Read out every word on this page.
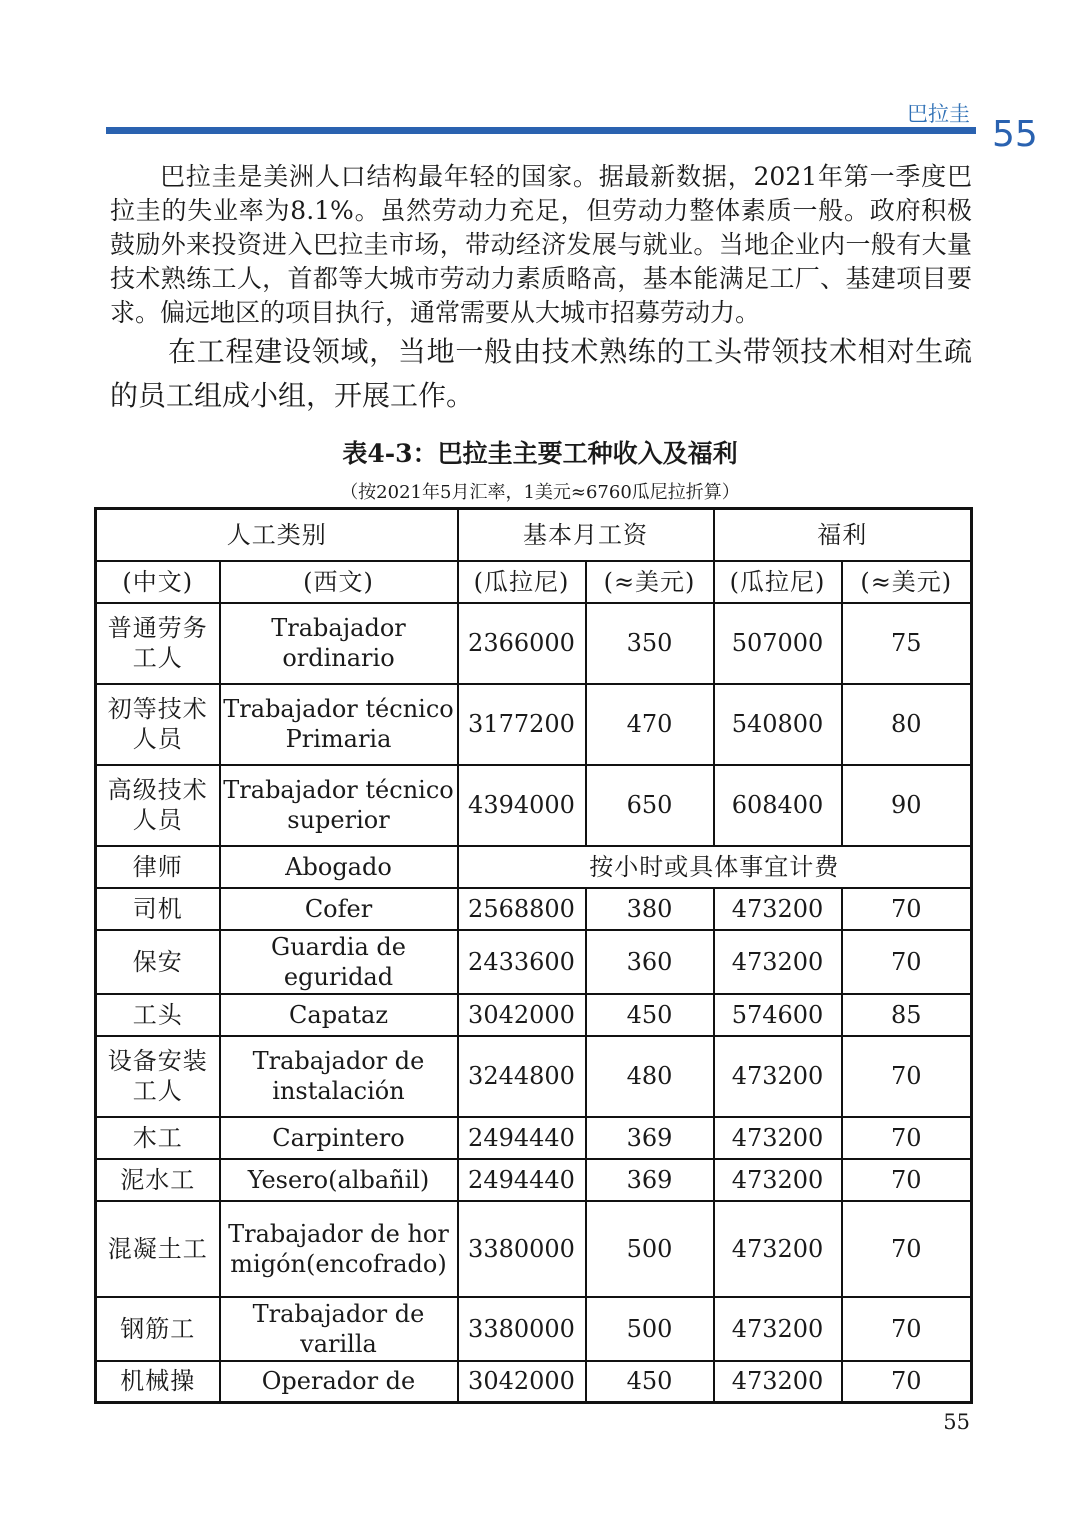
巴拉圭 55

巴拉圭是美洲人口结构最年轻的国家。据最新数据，2021年第一季度巴拉圭的失业率为8.1%。虽然劳动力充足，但劳动力整体素质一般。政府积极鼓励外来投资进入巴拉圭市场，带动经济发展与就业。当地企业内一般有大量技术熟练工人，首都等大城市劳动力素质略高，基本能满足工厂、基建项目要求。偏远地区的项目执行，通常需要从大城市招募劳动力。

在工程建设领域，当地一般由技术熟练的工头带领技术相对生疏的员工组成小组，开展工作。

表4-3：巴拉圭主要工种收入及福利
（按2021年5月汇率，1美元≈6760瓜尼拉折算）
人工类别		基本月工资		福利	
(中文)	(西文)	(瓜拉尼)	(≈美元)	(瓜拉尼)	(≈美元)
普通劳务工人	Trabajador ordinario	2366000	350	507000	75
初等技术人员	Trabajador técnico Primaria	3177200	470	540800	80
高级技术人员	Trabajador técnico superior	4394000	650	608400	90
律师	Abogado	按小时或具体事宜计费			
司机	Cofer	2568800	380	473200	70
保安	Guardia de eguridad	2433600	360	473200	70
工头	Capataz	3042000	450	574600	85
设备安装工人	Trabajador de instalación	3244800	480	473200	70
木工	Carpintero	2494440	369	473200	70
泥水工	Yesero(albañil)	2494440	369	473200	70
混凝土工	Trabajador de hormigón(encofrado)	3380000	500	473200	70
钢筋工	Trabajador de varilla	3380000	500	473200	70
机械操	Operador de	3042000	450	473200	70
55
